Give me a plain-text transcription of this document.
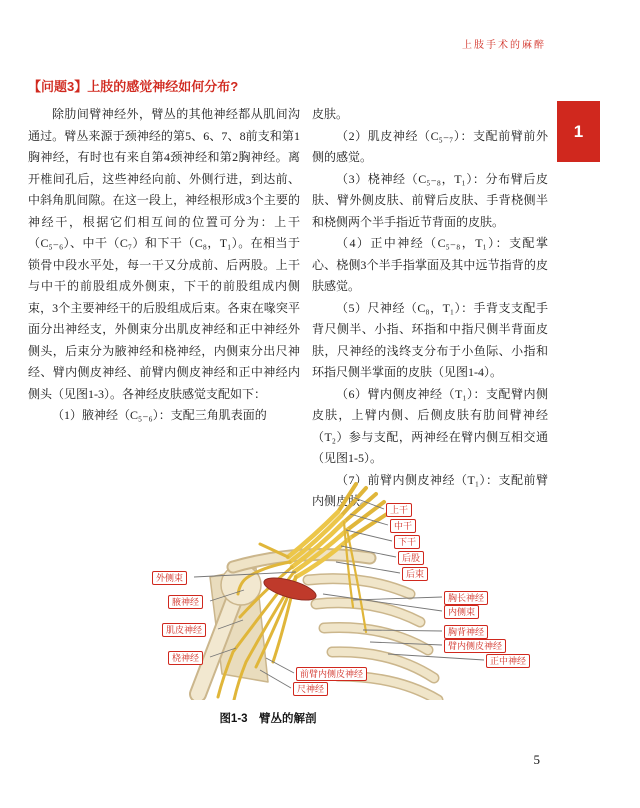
上肢手术的麻醉
1
【问题3】上肢的感觉神经如何分布?

除肋间臂神经外，臂丛的其他神经都从肌间沟通过。臂丛来源于颈神经的第5、6、7、8前支和第1胸神经，有时也有来自第4颈神经和第2胸神经。离开椎间孔后，这些神经向前、外侧行进，到达前、中斜角肌间隙。在这一段上，神经根形成3个主要的神经干，根据它们相互间的位置可分为：上干（C₅₋₆）、中干（C₇）和下干（C₈，T₁）。在相当于锁骨中段水平处，每一干又分成前、后两股。上干与中干的前股组成外侧束，下干的前股组成内侧束，3个主要神经干的后股组成后束。各束在喙突平面分出神经支，外侧束分出肌皮神经和正中神经外侧头，后束分为腋神经和桡神经，内侧束分出尺神经、臂内侧皮神经、前臂内侧皮神经和正中神经内侧头（见图1-3）。各神经皮肤感觉支配如下：

（1）腋神经（C₅₋₆）：支配三角肌表面的

皮肤。

（2）肌皮神经（C₅₋₇）：支配前臂前外侧的感觉。

（3）桡神经（C₅₋₈，T₁）：分布臂后皮肤、臂外侧皮肤、前臂后皮肤、手背桡侧半和桡侧两个半手指近节背面的皮肤。

（4）正中神经（C₅₋₈，T₁）：支配掌心、桡侧3个半手指掌面及其中远节指背的皮肤感觉。

（5）尺神经（C₈，T₁）：手背支支配手背尺侧半、小指、环指和中指尺侧半背面皮肤，尺神经的浅终支分布于小鱼际、小指和环指尺侧半掌面的皮肤（见图1-4）。

（6）臂内侧皮神经（T₁）：支配臂内侧皮肤，上臂内侧、后侧皮肤有肋间臂神经（T₂）参与支配，两神经在臂内侧互相交通（见图1-5）。

（7）前臂内侧皮神经（T₁）：支配前臂内侧皮肤。

外侧束
腋神经
肌皮神经
桡神经
上干
中干
下干
后股
后束
胸长神经
内侧束
胸背神经
臂内侧皮神经
正中神经
前臂内侧皮神经
尺神经
图1-3　臂丛的解剖
5
